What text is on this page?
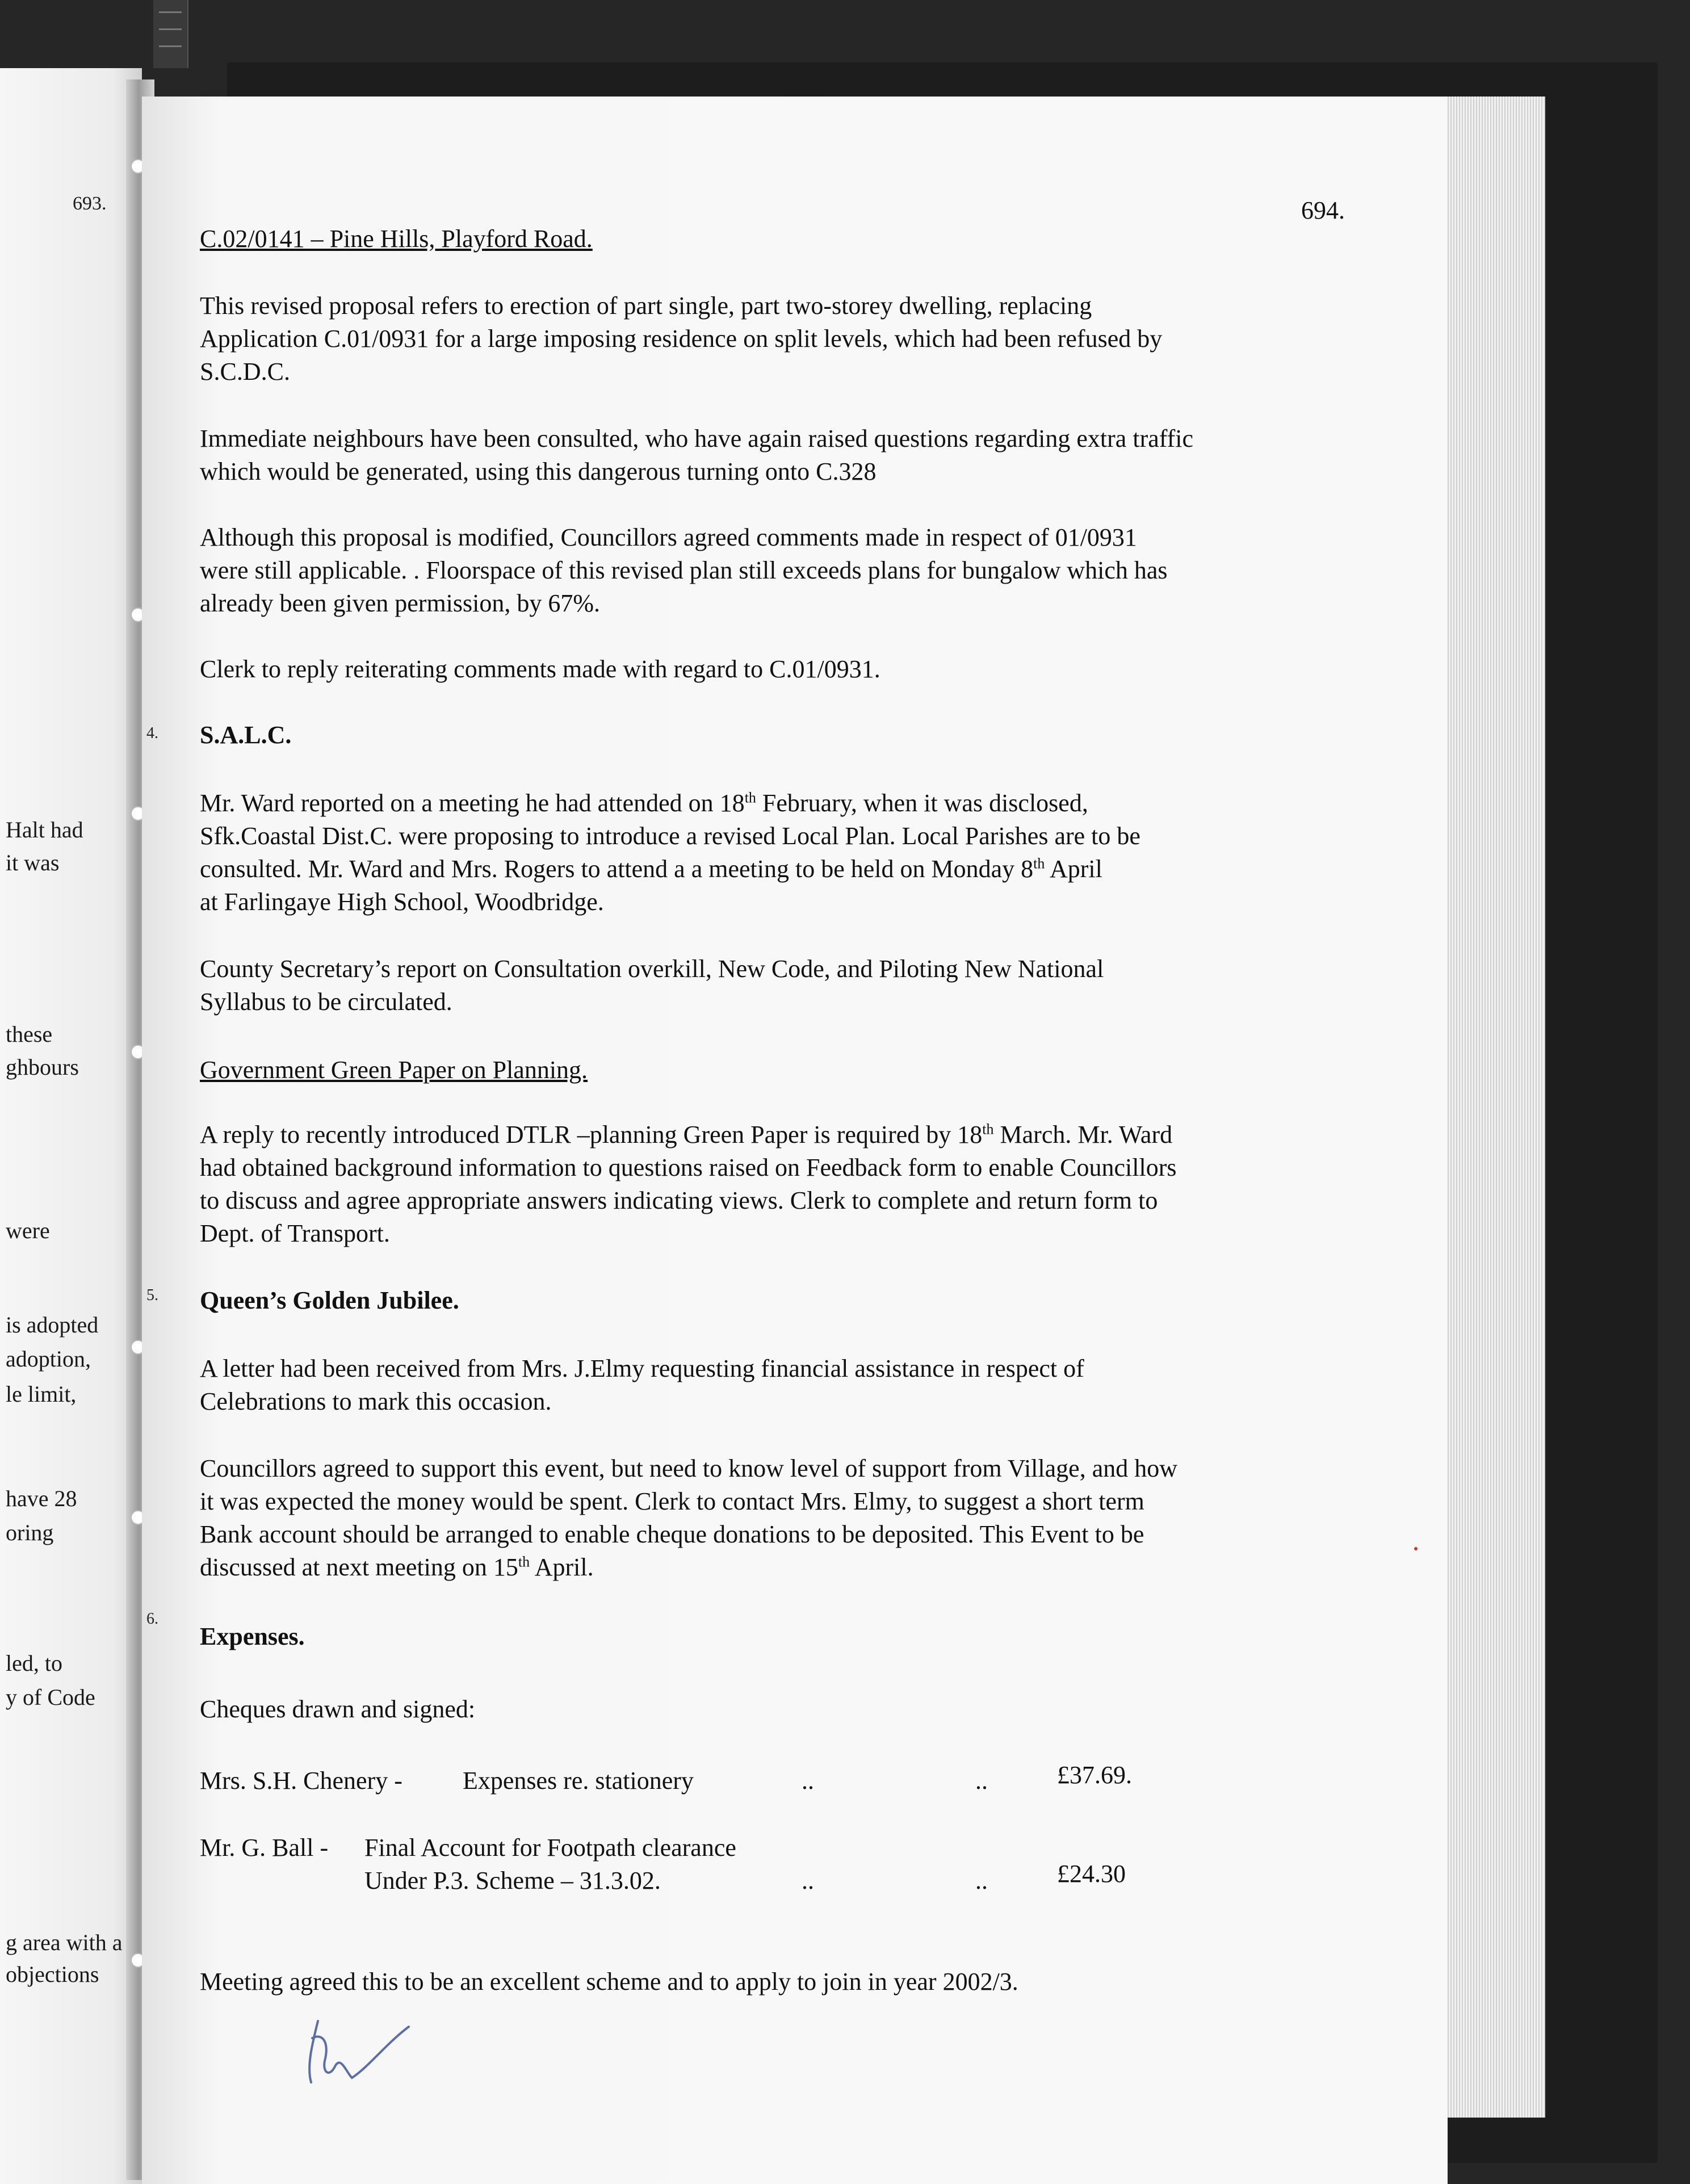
693.
Halt had
it was
these
ghbours
were
is adopted
adoption,
le limit,
have 28
oring
led, to
y of Code
g area with a
objections
694.
C.02/0141 – Pine Hills, Playford Road.
This revised proposal refers to erection of part single, part two-storey dwelling, replacing
Application C.01/0931 for a large imposing residence on split levels, which had been refused by
S.C.D.C.
Immediate neighbours have been consulted, who have again raised questions regarding extra traffic
which would be generated, using this dangerous turning onto C.328
Although this proposal is modified, Councillors agreed comments made in respect of 01/0931
were still applicable. . Floorspace of this revised plan still exceeds plans for bungalow which has
already been given permission, by 67%.
Clerk to reply reiterating comments made with regard to C.01/0931.
4. S.A.L.C.
Mr. Ward reported on a meeting he had attended on 18th February, when it was disclosed,
Sfk.Coastal Dist.C. were proposing to introduce a revised Local Plan. Local Parishes are to be
consulted. Mr. Ward and Mrs. Rogers to attend a a meeting to be held on Monday 8th April
at Farlingaye High School, Woodbridge.
County Secretary’s report on Consultation overkill, New Code, and Piloting New National
Syllabus to be circulated.
Government Green Paper on Planning.
A reply to recently introduced DTLR –planning Green Paper is required by 18th March. Mr. Ward
had obtained background information to questions raised on Feedback form to enable Councillors
to discuss and agree appropriate answers indicating views. Clerk to complete and return form to
Dept. of Transport.
5. Queen’s Golden Jubilee.
A letter had been received from Mrs. J.Elmy requesting financial assistance in respect of
Celebrations to mark this occasion.
Councillors agreed to support this event, but need to know level of support from Village, and how
it was expected the money would be spent. Clerk to contact Mrs. Elmy, to suggest a short term
Bank account should be arranged to enable cheque donations to be deposited. This Event to be
discussed at next meeting on 15th April.
6.
Expenses.
Cheques drawn and signed:
Mrs. S.H. Chenery - Expenses re. stationery	..	..	£37.69.
Mr. G. Ball - Final Account for Footpath clearance
Under P.3. Scheme – 31.3.02.	..	..	£24.30
Meeting agreed this to be an excellent scheme and to apply to join in year 2002/3.
